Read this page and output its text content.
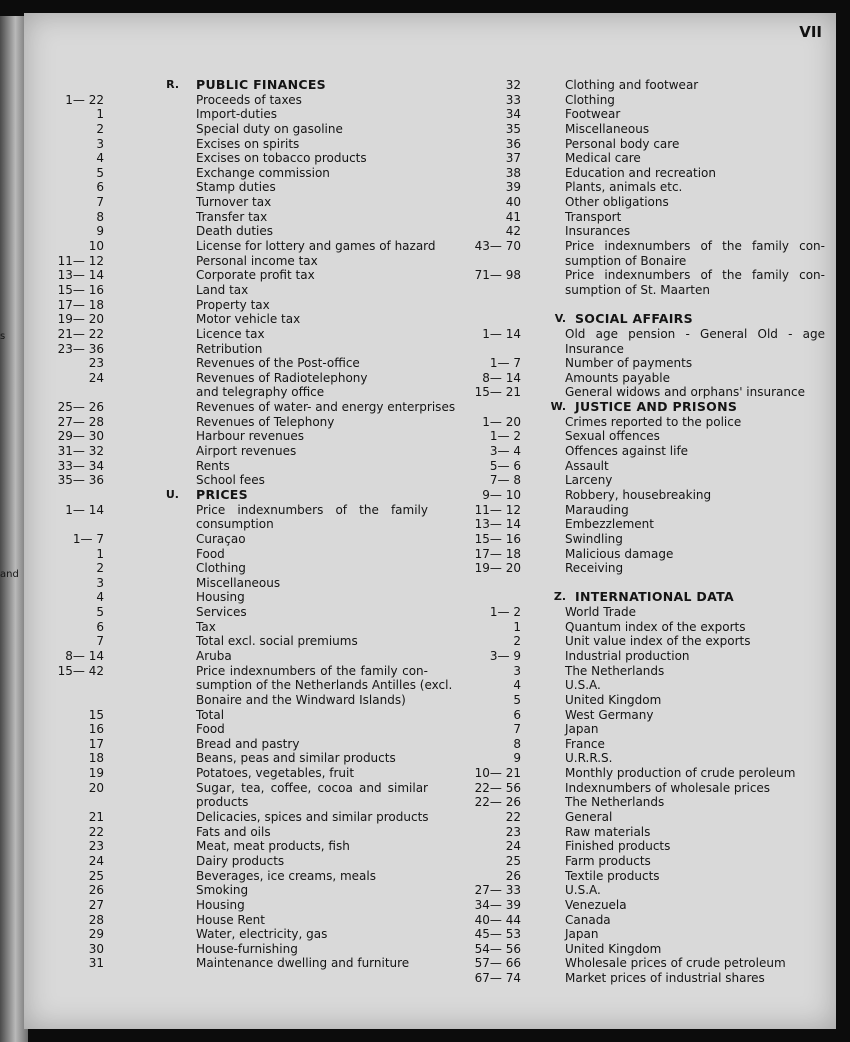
s
and
VII
R. PUBLIC FINANCES
1— 22	Proceeds of taxes
1	Import-duties
2	Special duty on gasoline
3	Excises on spirits
4	Excises on tobacco products
5	Exchange commission
6	Stamp duties
7	Turnover tax
8	Transfer tax
9	Death duties
10	License for lottery and games of hazard
11— 12	Personal income tax
13— 14	Corporate profit tax
15— 16	Land tax
17— 18	Property tax
19— 20	Motor vehicle tax
21— 22	Licence tax
23— 36	Retribution
23	Revenues of the Post-office
24	Revenues of Radiotelephony
and telegraphy office
25— 26	Revenues of water- and energy enterprises
27— 28	Revenues of Telephony
29— 30	Harbour revenues
31— 32	Airport revenues
33— 34	Rents
35— 36	School fees
U. PRICES
1— 14	Price indexnumbers of the family
consumption
1— 7	Curaçao
1	Food
2	Clothing
3	Miscellaneous
4	Housing
5	Services
6	Tax
7	Total excl. social premiums
8— 14	Aruba
15— 42	Price indexnumbers of the family con-
sumption of the Netherlands Antilles (excl.
Bonaire and the Windward Islands)
15	Total
16	Food
17	Bread and pastry
18	Beans, peas and similar products
19	Potatoes, vegetables, fruit
20	Sugar, tea, coffee, cocoa and similar
products
21	Delicacies, spices and similar products
22	Fats and oils
23	Meat, meat products, fish
24	Dairy products
25	Beverages, ice creams, meals
26	Smoking
27	Housing
28	House Rent
29	Water, electricity, gas
30	House-furnishing
31	Maintenance dwelling and furniture
32	Clothing and footwear
33	Clothing
34	Footwear
35	Miscellaneous
36	Personal body care
37	Medical care
38	Education and recreation
39	Plants, animals etc.
40	Other obligations
41	Transport
42	Insurances
43— 70	Price indexnumbers of the family con-
sumption of Bonaire
71— 98	Price indexnumbers of the family con-
sumption of St. Maarten
V. SOCIAL AFFAIRS
1— 14	Old age pension - General Old - age
Insurance
1— 7	Number of payments
8— 14	Amounts payable
15— 21	General widows and orphans' insurance
W. JUSTICE AND PRISONS
1— 20	Crimes reported to the police
1— 2	Sexual offences
3— 4	Offences against life
5— 6	Assault
7— 8	Larceny
9— 10	Robbery, housebreaking
11— 12	Marauding
13— 14	Embezzlement
15— 16	Swindling
17— 18	Malicious damage
19— 20	Receiving
Z. INTERNATIONAL DATA
1— 2	World Trade
1	Quantum index of the exports
2	Unit value index of the exports
3— 9	Industrial production
3	The Netherlands
4	U.S.A.
5	United Kingdom
6	West Germany
7	Japan
8	France
9	U.R.R.S.
10— 21	Monthly production of crude peroleum
22— 56	Indexnumbers of wholesale prices
22— 26	The Netherlands
22	General
23	Raw materials
24	Finished products
25	Farm products
26	Textile products
27— 33	U.S.A.
34— 39	Venezuela
40— 44	Canada
45— 53	Japan
54— 56	United Kingdom
57— 66	Wholesale prices of crude petroleum
67— 74	Market prices of industrial shares
